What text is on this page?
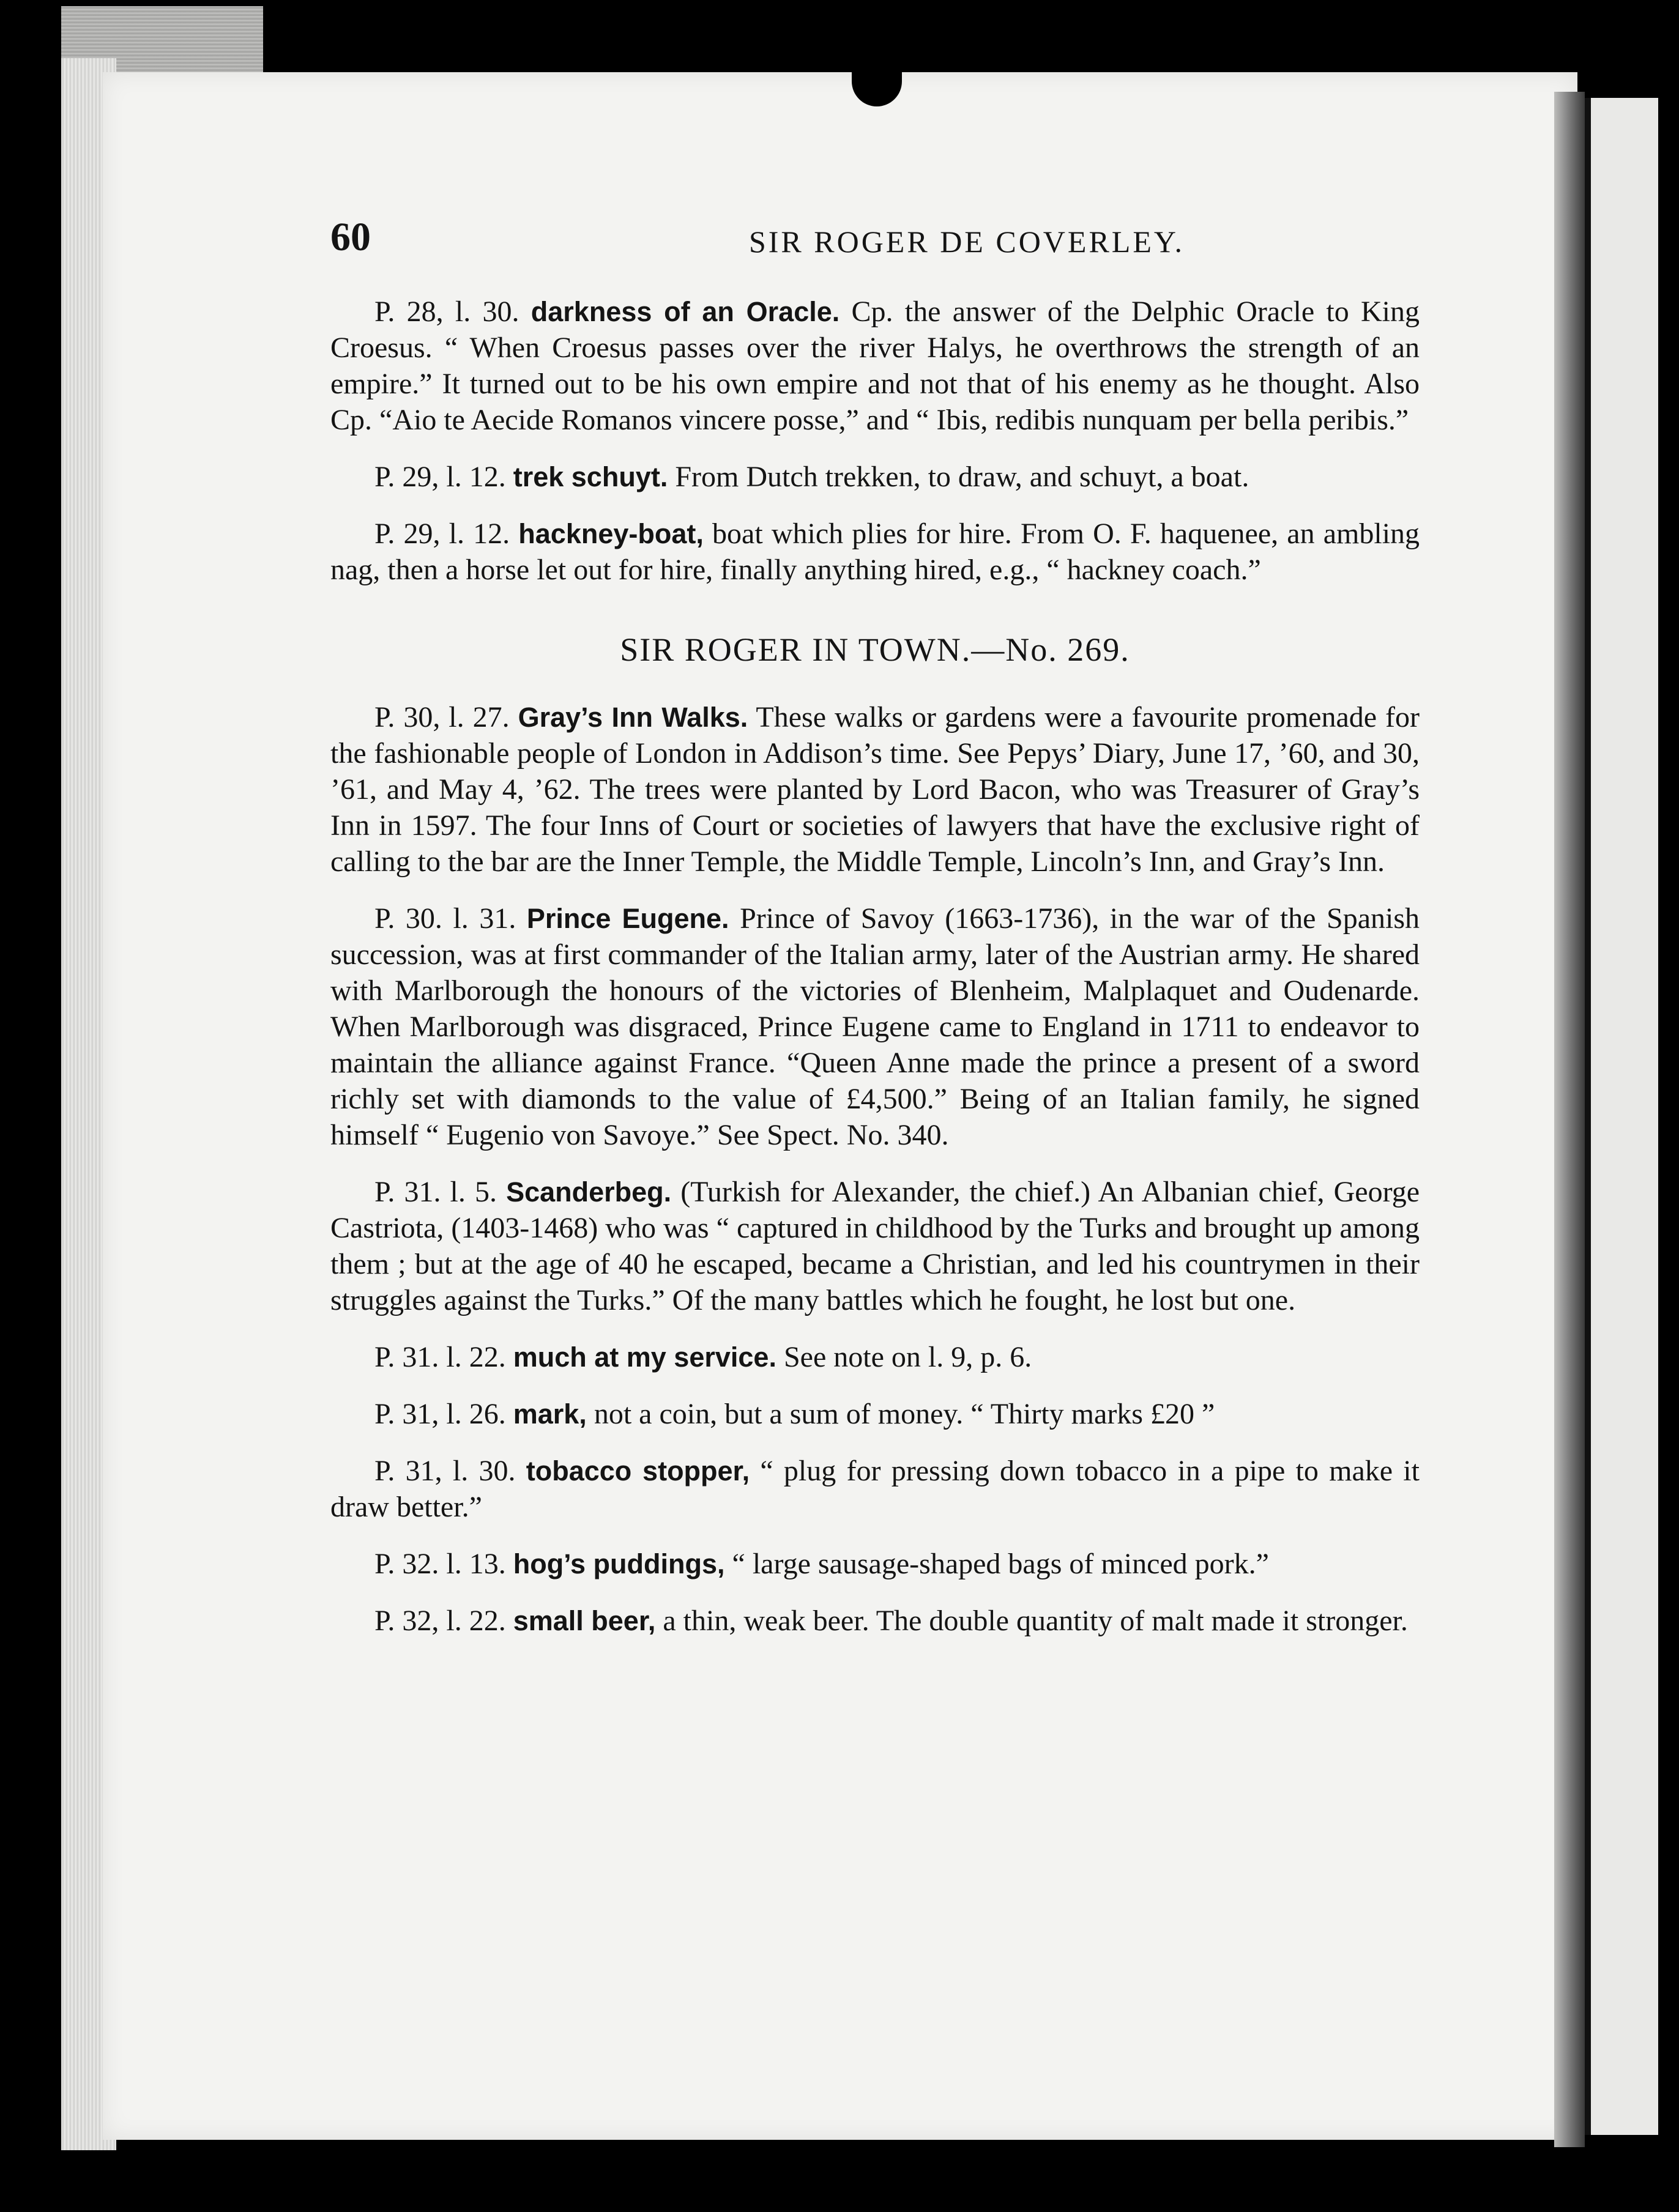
60	SIR ROGER DE COVERLEY.

P. 28, l. 30. darkness of an Oracle. Cp. the answer of the Delphic Oracle to King Croesus. “ When Croesus passes over the river Halys, he overthrows the strength of an empire.” It turned out to be his own empire and not that of his enemy as he thought. Also Cp. “Aio te Aecide Romanos vincere posse,” and “ Ibis, redibis nunquam per bella peribis.”

P. 29, l. 12. trek schuyt. From Dutch trekken, to draw, and schuyt, a boat.

P. 29, l. 12. hackney-boat, boat which plies for hire. From O. F. haquenee, an ambling nag, then a horse let out for hire, finally anything hired, e.g., “ hackney coach.”

SIR ROGER IN TOWN.—No. 269.

P. 30, l. 27. Gray’s Inn Walks. These walks or gardens were a favourite promenade for the fashionable people of London in Addison’s time. See Pepys’ Diary, June 17, ’60, and 30, ’61, and May 4, ’62. The trees were planted by Lord Bacon, who was Treasurer of Gray’s Inn in 1597. The four Inns of Court or societies of lawyers that have the exclusive right of calling to the bar are the Inner Temple, the Middle Temple, Lincoln’s Inn, and Gray’s Inn.

P. 30. l. 31. Prince Eugene. Prince of Savoy (1663-1736), in the war of the Spanish succession, was at first commander of the Italian army, later of the Austrian army. He shared with Marlborough the honours of the victories of Blenheim, Malplaquet and Oudenarde. When Marlborough was disgraced, Prince Eugene came to England in 1711 to endeavor to maintain the alliance against France. “Queen Anne made the prince a present of a sword richly set with diamonds to the value of £4,500.” Being of an Italian family, he signed himself “ Eugenio von Savoye.” See Spect. No. 340.

P. 31. l. 5. Scanderbeg. (Turkish for Alexander, the chief.) An Albanian chief, George Castriota, (1403-1468) who was “ captured in childhood by the Turks and brought up among them ; but at the age of 40 he escaped, became a Christian, and led his countrymen in their struggles against the Turks.” Of the many battles which he fought, he lost but one.

P. 31. l. 22. much at my service. See note on l. 9, p. 6.

P. 31, l. 26. mark, not a coin, but a sum of money. “ Thirty marks £20 ”

P. 31, l. 30. tobacco stopper, “ plug for pressing down tobacco in a pipe to make it draw better.”

P. 32. l. 13. hog’s puddings, “ large sausage-shaped bags of minced pork.”

P. 32, l. 22. small beer, a thin, weak beer. The double quantity of malt made it stronger.
